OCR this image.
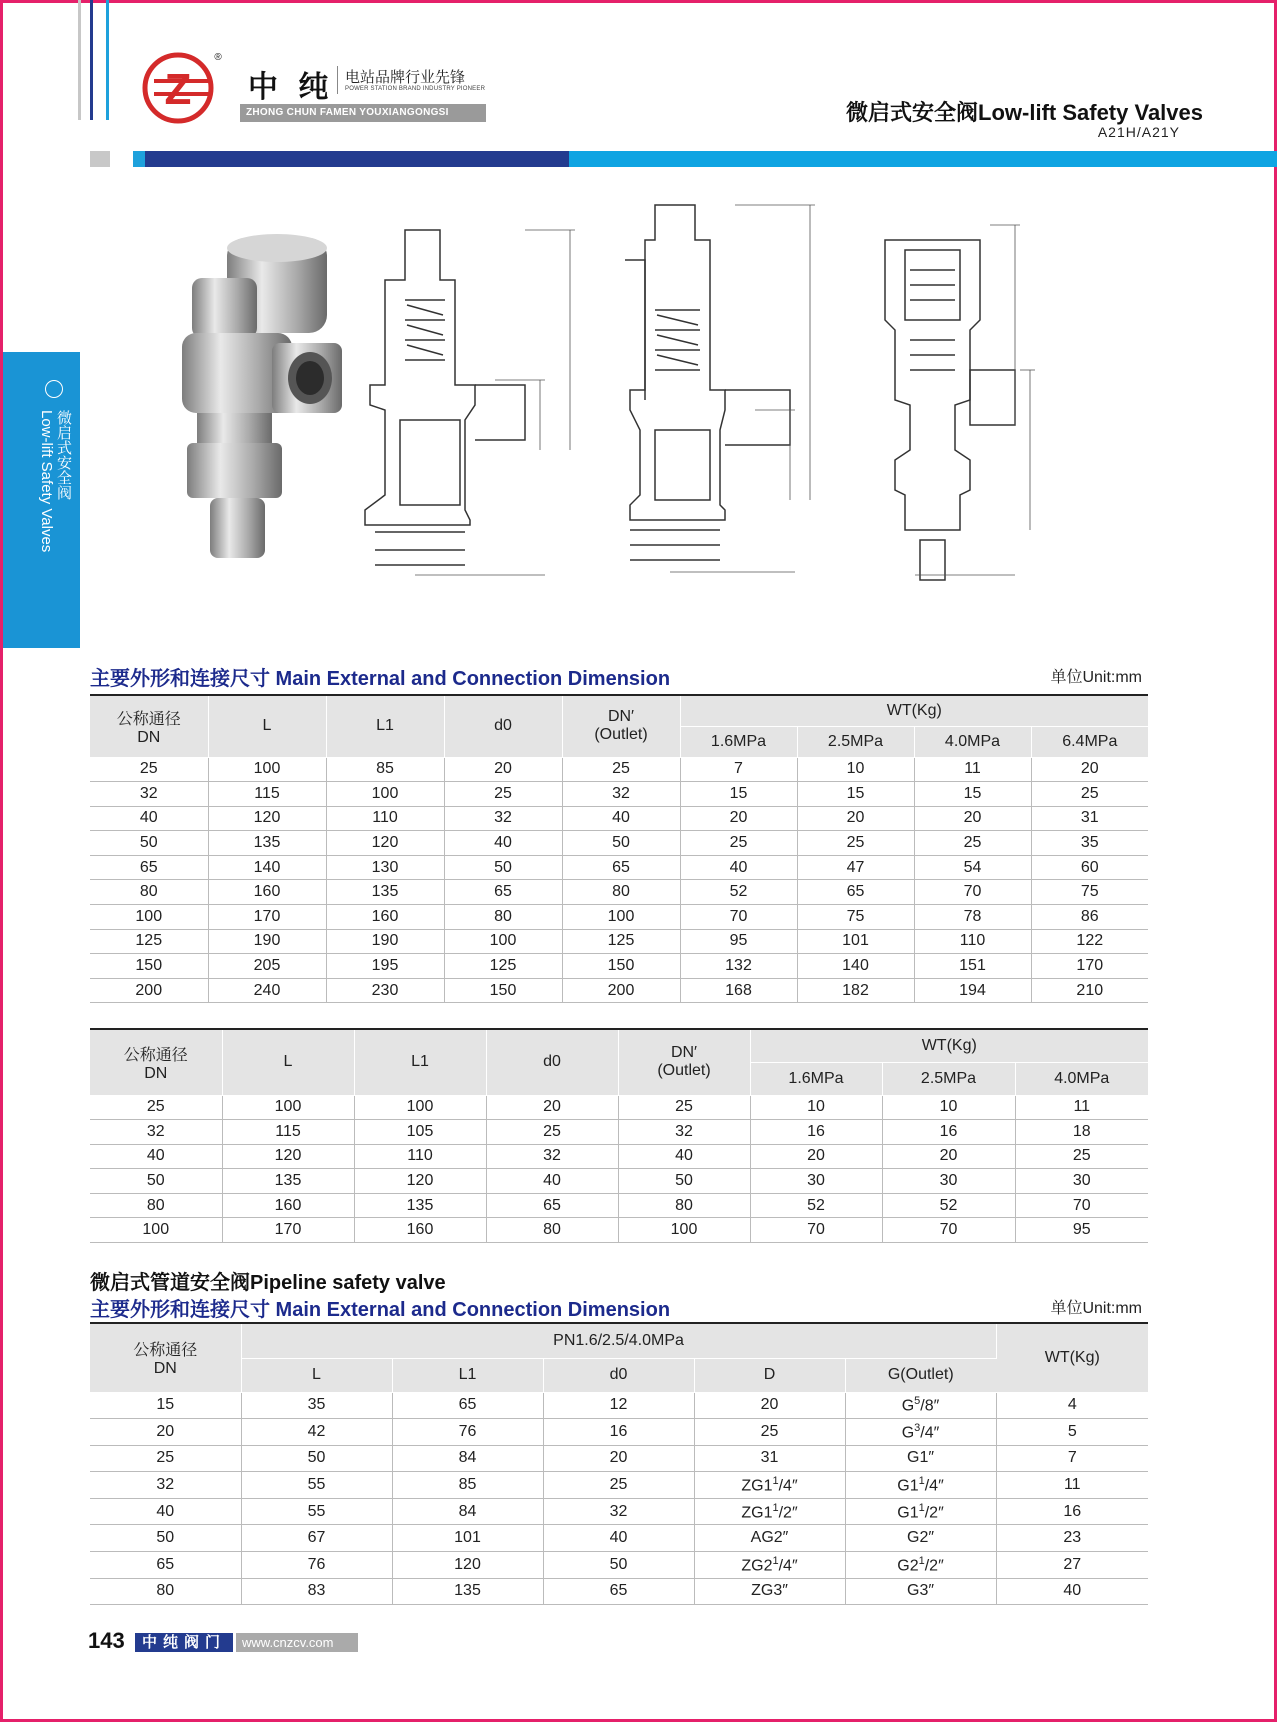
Z
®
中 纯 电站品牌行业先锋
POWER STATION BRAND INDUSTRY PIONEER
ZHONG CHUN FAMEN YOUXIANGONGSI	微启式安全阀Low-lift Safety Valves
A21H/A21Y
微启式安全阀
Low-lift Safety Valves
主要外形和连接尺寸 Main External and Connection Dimension	单位Unit:mm
公称通径
DN	L	L1	d0	DN′
(Outlet)	WT(Kg)			
					1.6MPa	2.5MPa	4.0MPa	6.4MPa
25	100	85	20	25	7	10	11	20
32	115	100	25	32	15	15	15	25
40	120	110	32	40	20	20	20	31
50	135	120	40	50	25	25	25	35
65	140	130	50	65	40	47	54	60
80	160	135	65	80	52	65	70	75
100	170	160	80	100	70	75	78	86
125	190	190	100	125	95	101	110	122
150	205	195	125	150	132	140	151	170
200	240	230	150	200	168	182	194	210
公称通径
DN	L	L1	d0	DN′
(Outlet)	WT(Kg)		
					1.6MPa	2.5MPa	4.0MPa
25	100	100	20	25	10	10	11
32	115	105	25	32	16	16	18
40	120	110	32	40	20	20	25
50	135	120	40	50	30	30	30
80	160	135	65	80	52	52	70
100	170	160	80	100	70	70	95
微启式管道安全阀Pipeline safety valve
主要外形和连接尺寸 Main External and Connection Dimension	单位Unit:mm
公称通径
DN	PN1.6/2.5/4.0MPa					WT(Kg)
	L	L1	d0	D	G(Outlet)	
15	35	65	12	20	$G^5/8''$	4
20	42	76	16	25	$G^3/4''$	5
25	50	84	20	31	G1″	7
32	55	85	25	$ZG1^1/4''$	$G1^1/4''$	11
40	55	84	32	$ZG1^1/2''$	$G1^1/2''$	16
50	67	101	40	AG2″	G2″	23
65	76	120	50	$ZG2^1/4''$	$G2^1/2''$	27
80	83	135	65	ZG3″	G3″	40
143	中纯阀门	www.cnzcv.com
